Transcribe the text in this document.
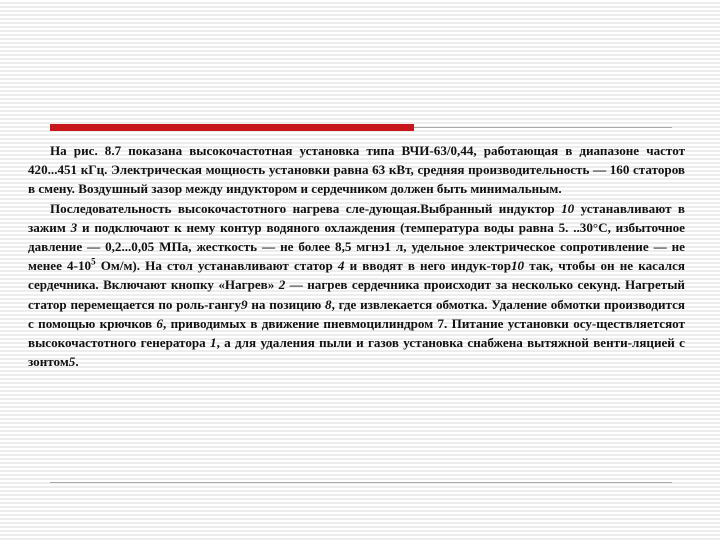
На рис. 8.7 показана высокочастотная установка типа ВЧИ-63/0,44, работающая в диапазоне частот 420...451 кГц. Электрическая мощность установки равна 63 кВт, средняя производительность — 160 статоров в смену. Воздушный зазор между индуктором и сердечником должен быть минимальным.

Последовательность высокочастотного нагрева сле-дующая.Выбранный индуктор 10 устанавливают в зажим 3 и подключают к нему контур водяного охлаждения (температура воды равна 5. ..30°С, избыточное давление — 0,2...0,05 МПа, жесткость — не более 8,5 мгнэ1 л, удельное электрическое сопротивление — не менее $4-10^5$ Ом/м). На стол устанавливают статор 4 и вводят в него индук-тор10 так, чтобы он не касался сердечника. Включают кнопку «Нагрев» 2 — нагрев сердечника происходит за несколько секунд. Нагретый статор перемещается по роль-гангу9 на позицию 8, где извлекается обмотка. Удаление обмотки производится с помощью крючков 6, приводимых в движение пневмоцилиндром 7. Питание установки осу-ществляетсяот высокочастотного генератора 1, а для удаления пыли и газов установка снабжена вытяжной венти-ляцией с зонтом5.
